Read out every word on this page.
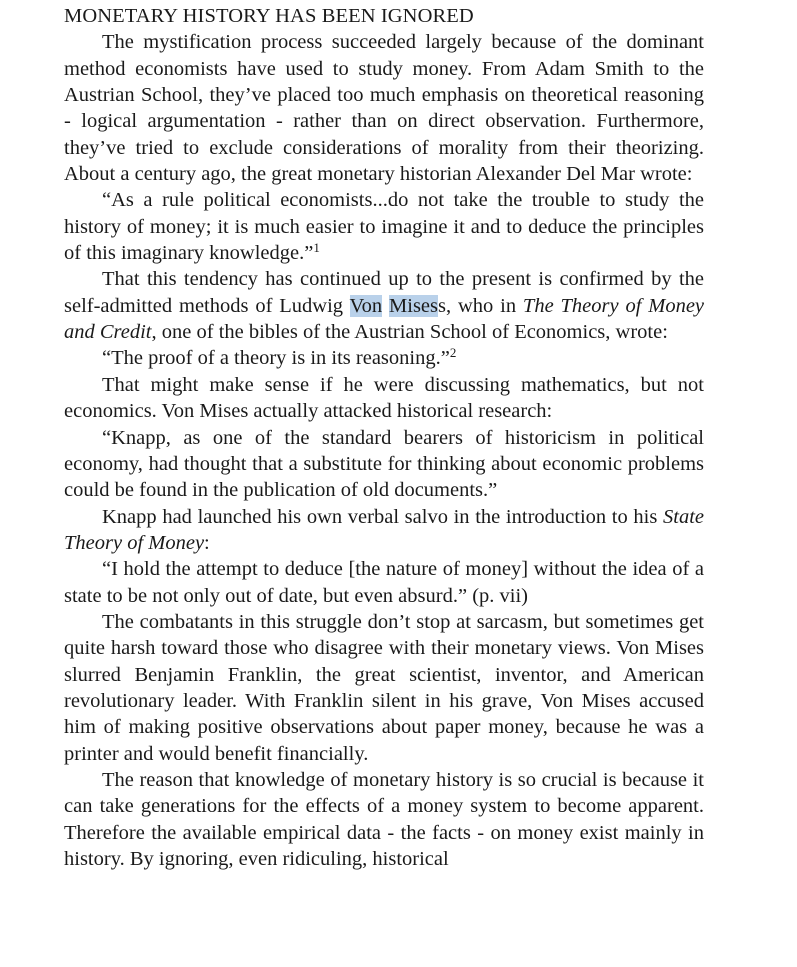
MONETARY HISTORY HAS BEEN IGNORED

The mystification process succeeded largely because of the dominant method economists have used to study money. From Adam Smith to the Austrian School, they’ve placed too much emphasis on theoretical reasoning - logical argumentation - rather than on direct observation. Furthermore, they’ve tried to exclude considerations of morality from their theorizing. About a century ago, the great monetary historian Alexander Del Mar wrote:

“As a rule political economists...do not take the trouble to study the history of money; it is much easier to imagine it and to deduce the principles of this imaginary knowledge.”$^1$

That this tendency has continued up to the present is confirmed by the self-admitted methods of Ludwig Von Misess, who in The Theory of Money and Credit, one of the bibles of the Austrian School of Economics, wrote:

“The proof of a theory is in its reasoning.”$^2$

That might make sense if he were discussing mathematics, but not economics. Von Mises actually attacked historical research:

“Knapp, as one of the standard bearers of historicism in political economy, had thought that a substitute for thinking about economic problems could be found in the publication of old documents.”

Knapp had launched his own verbal salvo in the introduction to his State Theory of Money:

“I hold the attempt to deduce [the nature of money] without the idea of a state to be not only out of date, but even absurd.” (p. vii)

The combatants in this struggle don’t stop at sarcasm, but sometimes get quite harsh toward those who disagree with their monetary views. Von Mises slurred Benjamin Franklin, the great scientist, inventor, and American revolutionary leader. With Franklin silent in his grave, Von Mises accused him of making positive observations about paper money, because he was a printer and would benefit financially.

The reason that knowledge of monetary history is so crucial is because it can take generations for the effects of a money system to become apparent. Therefore the available empirical data - the facts - on money exist mainly in history. By ignoring, even ridiculing, historical
